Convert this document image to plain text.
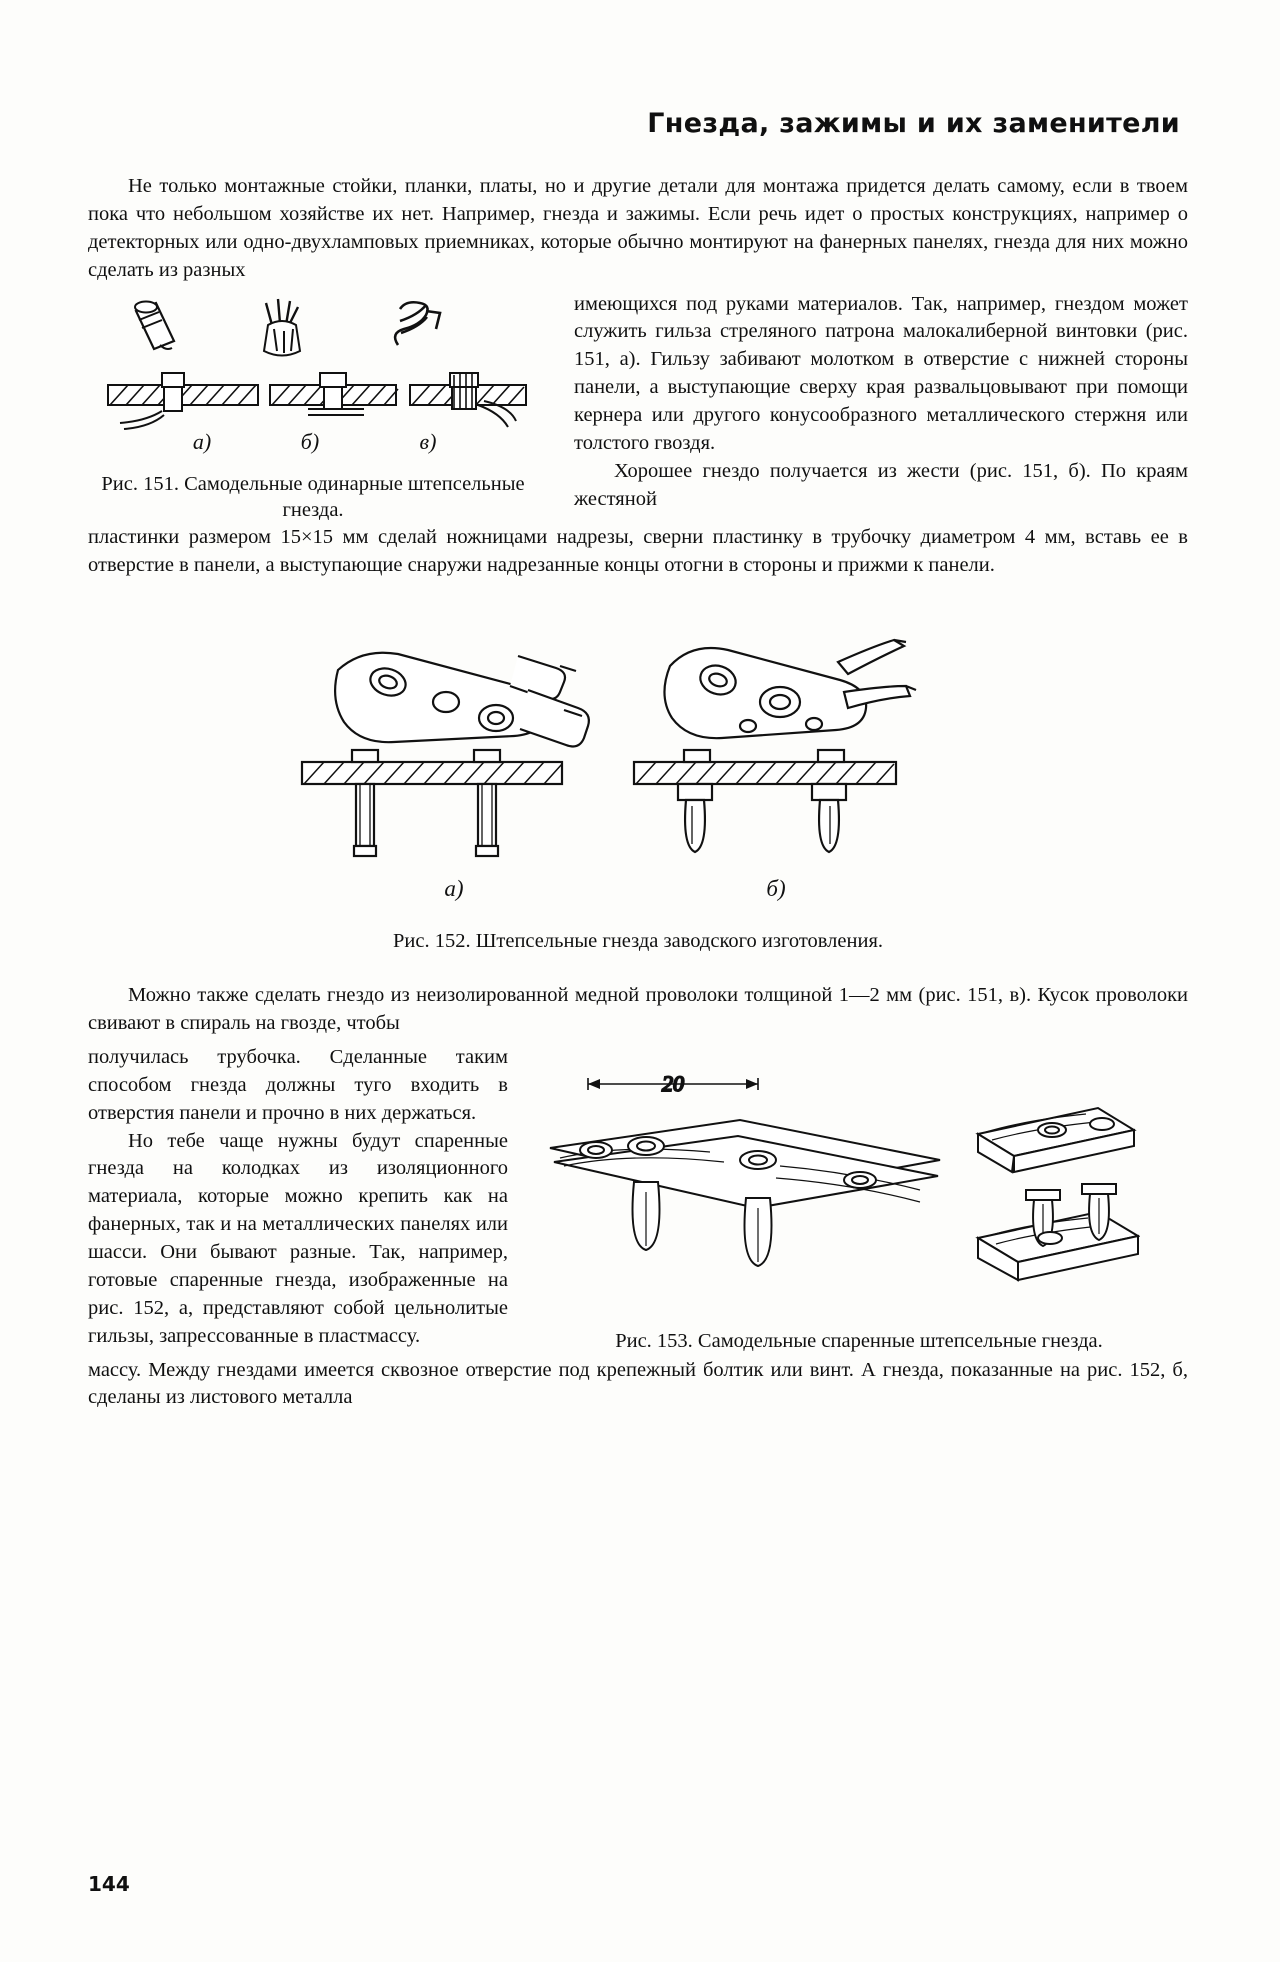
Гнезда, зажимы и их заменители

Не только монтажные стойки, планки, платы, но и другие детали для монтажа придется делать самому, если в твоем пока что небольшом хозяйстве их нет. Например, гнезда и зажимы. Если речь идет о простых конструкциях, например о детекторных или одно-двухламповых приемниках, которые обычно монтируют на фанерных панелях, гнезда для них можно сделать из разных

а)	б)	в)
Рис. 151. Самодельные одинарные штепсельные гнезда.

имеющихся под руками материалов. Так, например, гнездом может служить гильза стреляного патрона малокалиберной винтовки (рис. 151, а). Гильзу забивают молотком в отверстие с нижней стороны панели, а выступающие сверху края развальцовывают при помощи кернера или другого конусообразного металлического стержня или толстого гвоздя.

Хорошее гнездо получается из жести (рис. 151, б). По краям жестяной

пластинки размером 15×15 мм сделай ножницами надрезы, сверни пластинку в трубочку диаметром 4 мм, вставь ее в отверстие в панели, а выступающие снаружи надрезанные концы отогни в стороны и прижми к панели.

а)	б)
Рис. 152. Штепсельные гнезда заводского изготовления.

Можно также сделать гнездо из неизолированной медной проволоки толщиной 1—2 мм (рис. 151, в). Кусок проволоки свивают в спираль на гвозде, чтобы

получилась трубочка. Сделанные таким способом гнезда должны туго входить в отверстия панели и прочно в них держаться.

Но тебе чаще нужны будут спаренные гнезда на колодках из изоляционного материала, которые можно крепить как на фанерных, так и на металлических панелях или шасси. Они бывают разные. Так, например, готовые спаренные гнезда, изображенные на рис. 152, а, представляют собой цельнолитые гильзы, запрессованные в пластмассу.

20
Рис. 153. Самодельные спаренные штепсельные гнезда.

массу. Между гнездами имеется сквозное отверстие под крепежный болтик или винт. А гнезда, показанные на рис. 152, б, сделаны из листового металла

144
